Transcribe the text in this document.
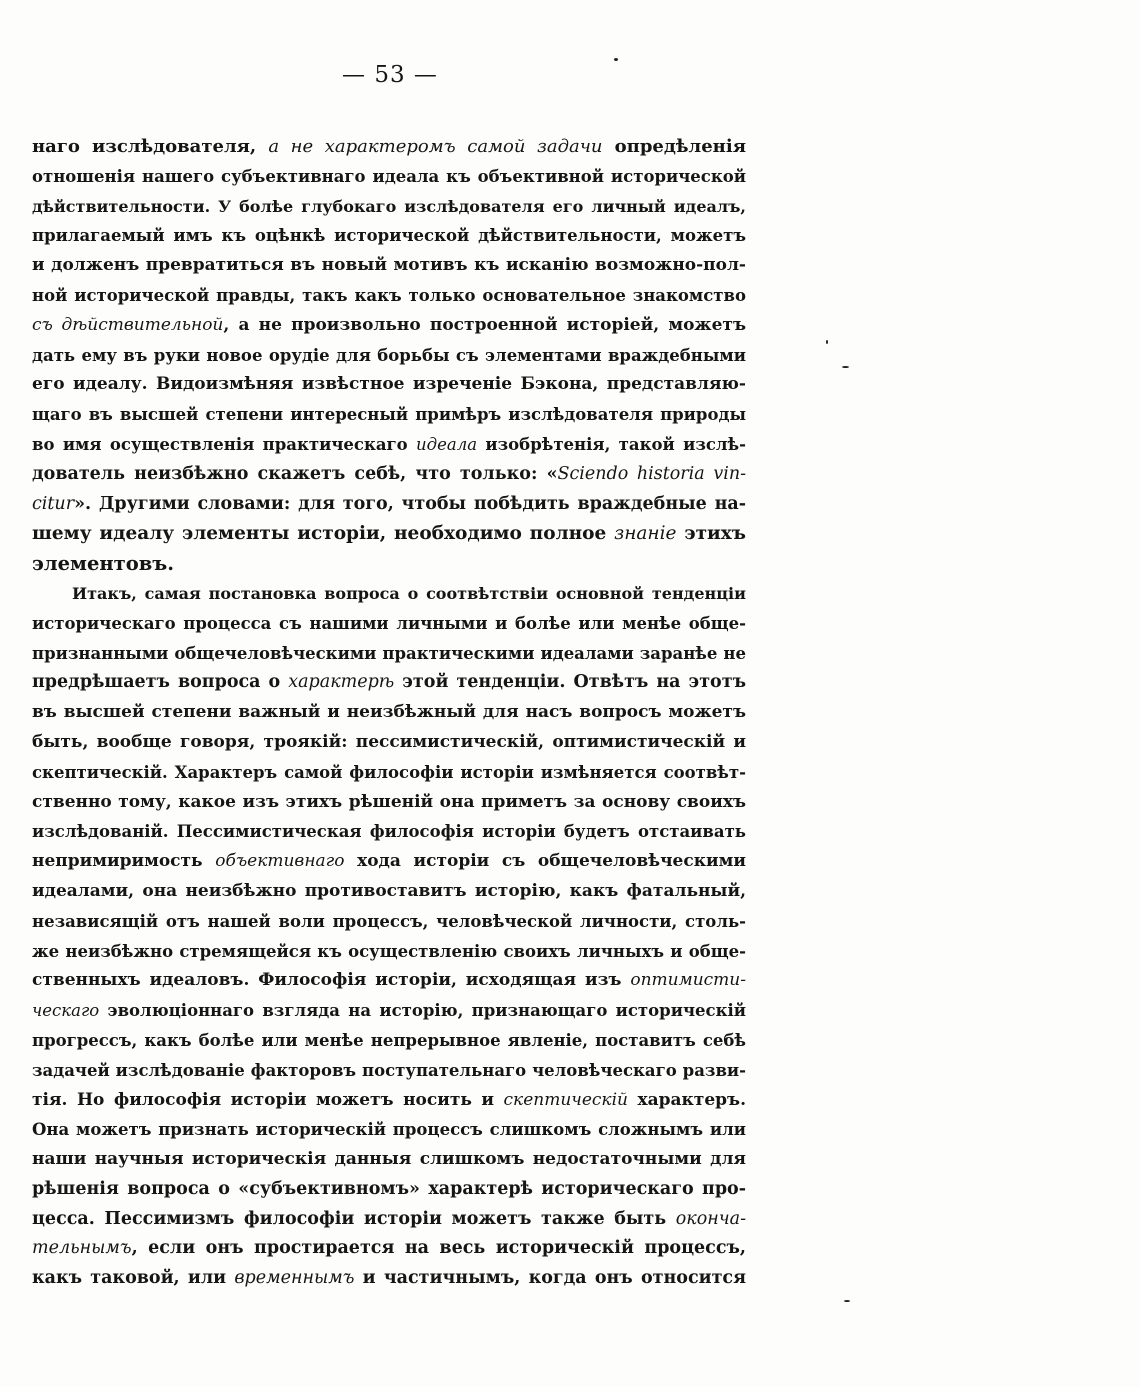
— 53 —
наго изслѣдователя, а не характеромъ самой задачи опредѣленія
отношенія нашего субъективнаго идеала къ объективной исторической
дѣйствительности. У болѣе глубокаго изслѣдователя его личный идеалъ,
прилагаемый имъ къ оцѣнкѣ исторической дѣйствительности, можетъ
и долженъ превратиться въ новый мотивъ къ исканію возможно-пол-
ной исторической правды, такъ какъ только основательное знакомство
съ дѣйствительной, а не произвольно построенной исторіей, можетъ
дать ему въ руки новое орудіе для борьбы съ элементами враждебными
его идеалу. Видоизмѣняя извѣстное изреченіе Бэкона, представляю-
щаго въ высшей степени интересный примѣръ изслѣдователя природы
во имя осуществленія практическаго идеала изобрѣтенія, такой изслѣ-
дователь неизбѣжно скажетъ себѣ, что только: «Sciendo historia vin-
citur». Другими словами: для того, чтобы побѣдить враждебные на-
шему идеалу элементы исторіи, необходимо полное знаніе этихъ
элементовъ.
Итакъ, самая постановка вопроса о соотвѣтствіи основной тенденціи
историческаго процесса съ нашими личными и болѣе или менѣе обще-
признанными общечеловѣческими практическими идеалами заранѣе не
предрѣшаетъ вопроса о характерѣ этой тенденціи. Отвѣтъ на этотъ
въ высшей степени важный и неизбѣжный для насъ вопросъ можетъ
быть, вообще говоря, трoякій: пессимистическій, оптимистическій и
скептическій. Характеръ самой философіи исторіи измѣняется соотвѣт-
ственно тому, какое изъ этихъ рѣшеній она приметъ за основу своихъ
изслѣдованій. Пессимистическая философія исторіи будетъ отстаивать
непримиримость объективнаго хода исторіи съ общечеловѣческими
идеалами, она неизбѣжно противоставитъ исторію, какъ фатальный,
независящій отъ нашей воли процессъ, человѣческой личности, столь-
же неизбѣжно стремящейся къ осуществленію своихъ личныхъ и обще-
ственныхъ идеаловъ. Философія исторіи, исходящая изъ оптимисти-
ческаго эволюціоннаго взгляда на исторію, признающаго историческій
прогрессъ, какъ болѣе или менѣе непрерывное явленіе, поставитъ себѣ
задачей изслѣдованіе факторовъ поступательнаго человѣческаго разви-
тія. Но философія исторіи можетъ носить и скептическій характеръ.
Она можетъ признать историческій процессъ слишкомъ сложнымъ или
наши научныя историческія данныя слишкомъ недостаточными для
рѣшенія вопроса о «субъективномъ» характерѣ историческаго про-
цесса. Пессимизмъ философіи исторіи можетъ также быть оконча-
тельнымъ, если онъ простирается на весь историческій процессъ,
какъ таковой, или временнымъ и частичнымъ, когда онъ относится
